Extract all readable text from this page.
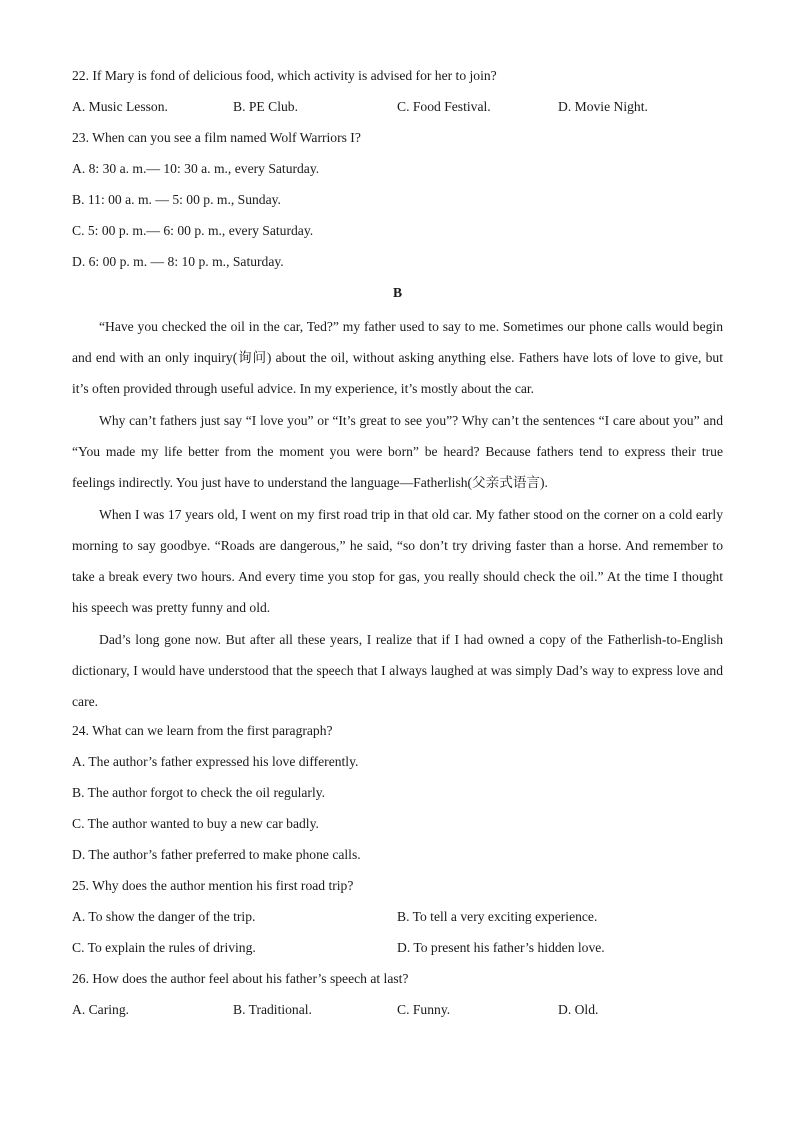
22. If Mary is fond of delicious food, which activity is advised for her to join?
A. Music Lesson.	B. PE Club.	C. Food Festival.	D. Movie Night.
23. When can you see a film named Wolf Warriors I?
A. 8: 30 a. m.— 10: 30 a. m., every Saturday.
B. 11: 00 a. m. — 5: 00 p. m., Sunday.
C. 5: 00 p. m.— 6: 00 p. m., every Saturday.
D. 6: 00 p. m. — 8: 10 p. m., Saturday.
B

“Have you checked the oil in the car, Ted?” my father used to say to me. Sometimes our phone calls would begin and end with an only inquiry(询问) about the oil, without asking anything else. Fathers have lots of love to give, but it’s often provided through useful advice. In my experience, it’s mostly about the car.

Why can’t fathers just say “I love you” or “It’s great to see you”? Why can’t the sentences “I care about you” and “You made my life better from the moment you were born” be heard? Because fathers tend to express their true feelings indirectly. You just have to understand the language—Fatherlish(父亲式语言).

When I was 17 years old, I went on my first road trip in that old car. My father stood on the corner on a cold early morning to say goodbye. “Roads are dangerous,” he said, “so don’t try driving faster than a horse. And remember to take a break every two hours. And every time you stop for gas, you really should check the oil.” At the time I thought his speech was pretty funny and old.

Dad’s long gone now. But after all these years, I realize that if I had owned a copy of the Fatherlish-to-English dictionary, I would have understood that the speech that I always laughed at was simply Dad’s way to express love and care.

24. What can we learn from the first paragraph?
A. The author’s father expressed his love differently.
B. The author forgot to check the oil regularly.
C. The author wanted to buy a new car badly.
D. The author’s father preferred to make phone calls.
25. Why does the author mention his first road trip?
A. To show the danger of the trip.	B. To tell a very exciting experience.
C. To explain the rules of driving.	D. To present his father’s hidden love.
26. How does the author feel about his father’s speech at last?
A. Caring.	B. Traditional.	C. Funny.	D. Old.
